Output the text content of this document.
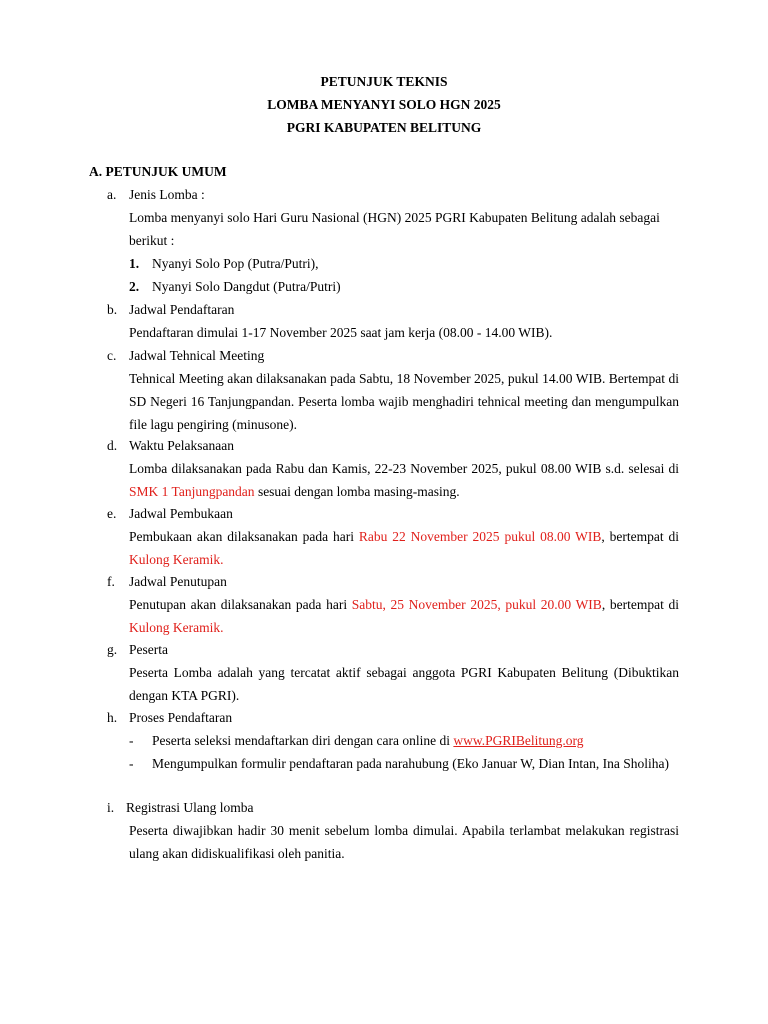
PETUNJUK TEKNIS
LOMBA MENYANYI SOLO HGN 2025
PGRI KABUPATEN BELITUNG
A. PETUNJUK UMUM
a. Jenis Lomba :
Lomba menyanyi solo Hari Guru Nasional (HGN) 2025 PGRI Kabupaten Belitung adalah sebagai berikut :
1. Nyanyi Solo Pop (Putra/Putri),
2. Nyanyi Solo Dangdut (Putra/Putri)
b. Jadwal Pendaftaran
Pendaftaran dimulai 1-17 November 2025 saat jam kerja (08.00 - 14.00 WIB).
c. Jadwal Tehnical Meeting
Tehnical Meeting akan dilaksanakan pada Sabtu, 18 November 2025, pukul 14.00 WIB. Bertempat di SD Negeri 16 Tanjungpandan. Peserta lomba wajib menghadiri tehnical meeting dan mengumpulkan file lagu pengiring (minusone).
d. Waktu Pelaksanaan
Lomba dilaksanakan pada Rabu dan Kamis, 22-23 November 2025, pukul 08.00 WIB s.d. selesai di SMK 1 Tanjungpandan sesuai dengan lomba masing-masing.
e. Jadwal Pembukaan
Pembukaan akan dilaksanakan pada hari Rabu 22 November 2025 pukul 08.00 WIB, bertempat di Kulong Keramik.
f. Jadwal Penutupan
Penutupan akan dilaksanakan pada hari Sabtu, 25 November 2025, pukul 20.00 WIB, bertempat di Kulong Keramik.
g. Peserta
Peserta Lomba adalah yang tercatat aktif sebagai anggota PGRI Kabupaten Belitung (Dibuktikan dengan KTA PGRI).
h. Proses Pendaftaran
- Peserta seleksi mendaftarkan diri dengan cara online di www.PGRIBelitung.org
- Mengumpulkan formulir pendaftaran pada narahubung (Eko Januar W, Dian Intan, Ina Sholiha)
i. Registrasi Ulang lomba
Peserta diwajibkan hadir 30 menit sebelum lomba dimulai. Apabila terlambat melakukan registrasi ulang akan didiskualifikasi oleh panitia.
